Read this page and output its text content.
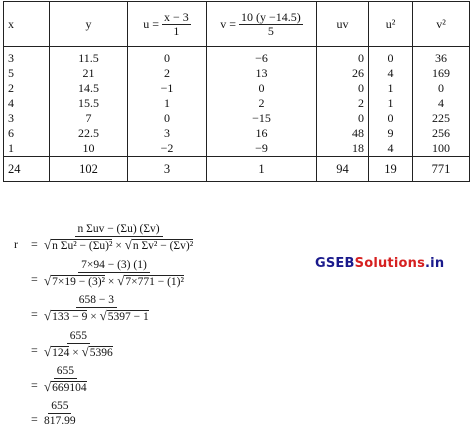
x	y	$u = \frac{x - 3}{1}$	$v = \frac{10 (y -14.5)}{5}$	uv	u²	v²
3	11.5	0	−6	0	0	36
5	21	2	13	26	4	169
2	14.5	−1	0	0	1	0
4	15.5	1	2	2	1	4
3	7	0	−15	0	0	225
6	22.5	3	16	48	9	256
1	10	−2	−9	18	4	100
24	102	3	1	94	19	771
r =
n Σuv − (Σu) (Σv)
√n Σu² − (Σu)² × √n Σv² − (Σv)²
= $\frac{7\times 94 - (3) (1)}{\text{√7×19 − (3)² × √7×771 − (1)²}}$
= $\frac{658 - 3}{√133 - 9 \times √5397 - 1}$
= $\frac{655}{√124 \times √5396}$
= $\frac{655}{√669104}$
= $\frac{655}{817.99}$
GSEBSolutions.in
